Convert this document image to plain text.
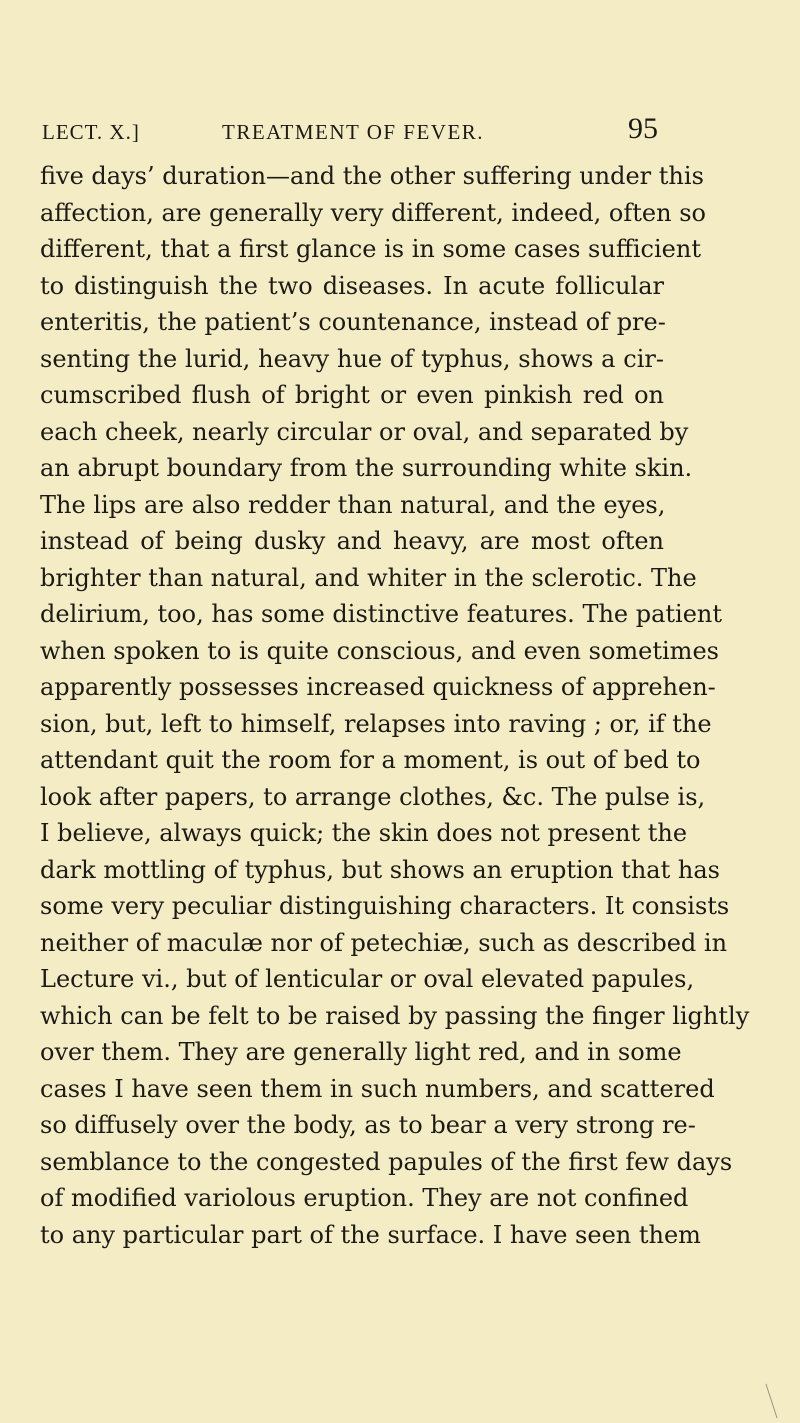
LECT. X.]	TREATMENT OF FEVER.	95
five days’ duration—and the other suffering under this
affection, are generally very different, indeed, often so
different, that a first glance is in some cases sufficient
to distinguish the two diseases. In acute follicular
enteritis, the patient’s countenance, instead of pre-
senting the lurid, heavy hue of typhus, shows a cir-
cumscribed flush of bright or even pinkish red on
each cheek, nearly circular or oval, and separated by
an abrupt boundary from the surrounding white skin.
The lips are also redder than natural, and the eyes,
instead of being dusky and heavy, are most often
brighter than natural, and whiter in the sclerotic. The
delirium, too, has some distinctive features. The patient
when spoken to is quite conscious, and even sometimes
apparently possesses increased quickness of apprehen-
sion, but, left to himself, relapses into raving ; or, if the
attendant quit the room for a moment, is out of bed to
look after papers, to arrange clothes, &c. The pulse is,
I believe, always quick; the skin does not present the
dark mottling of typhus, but shows an eruption that has
some very peculiar distinguishing characters. It consists
neither of maculæ nor of petechiæ, such as described in
Lecture vi., but of lenticular or oval elevated papules,
which can be felt to be raised by passing the finger lightly
over them. They are generally light red, and in some
cases I have seen them in such numbers, and scattered
so diffusely over the body, as to bear a very strong re-
semblance to the congested papules of the first few days
of modified variolous eruption. They are not confined
to any particular part of the surface. I have seen them
